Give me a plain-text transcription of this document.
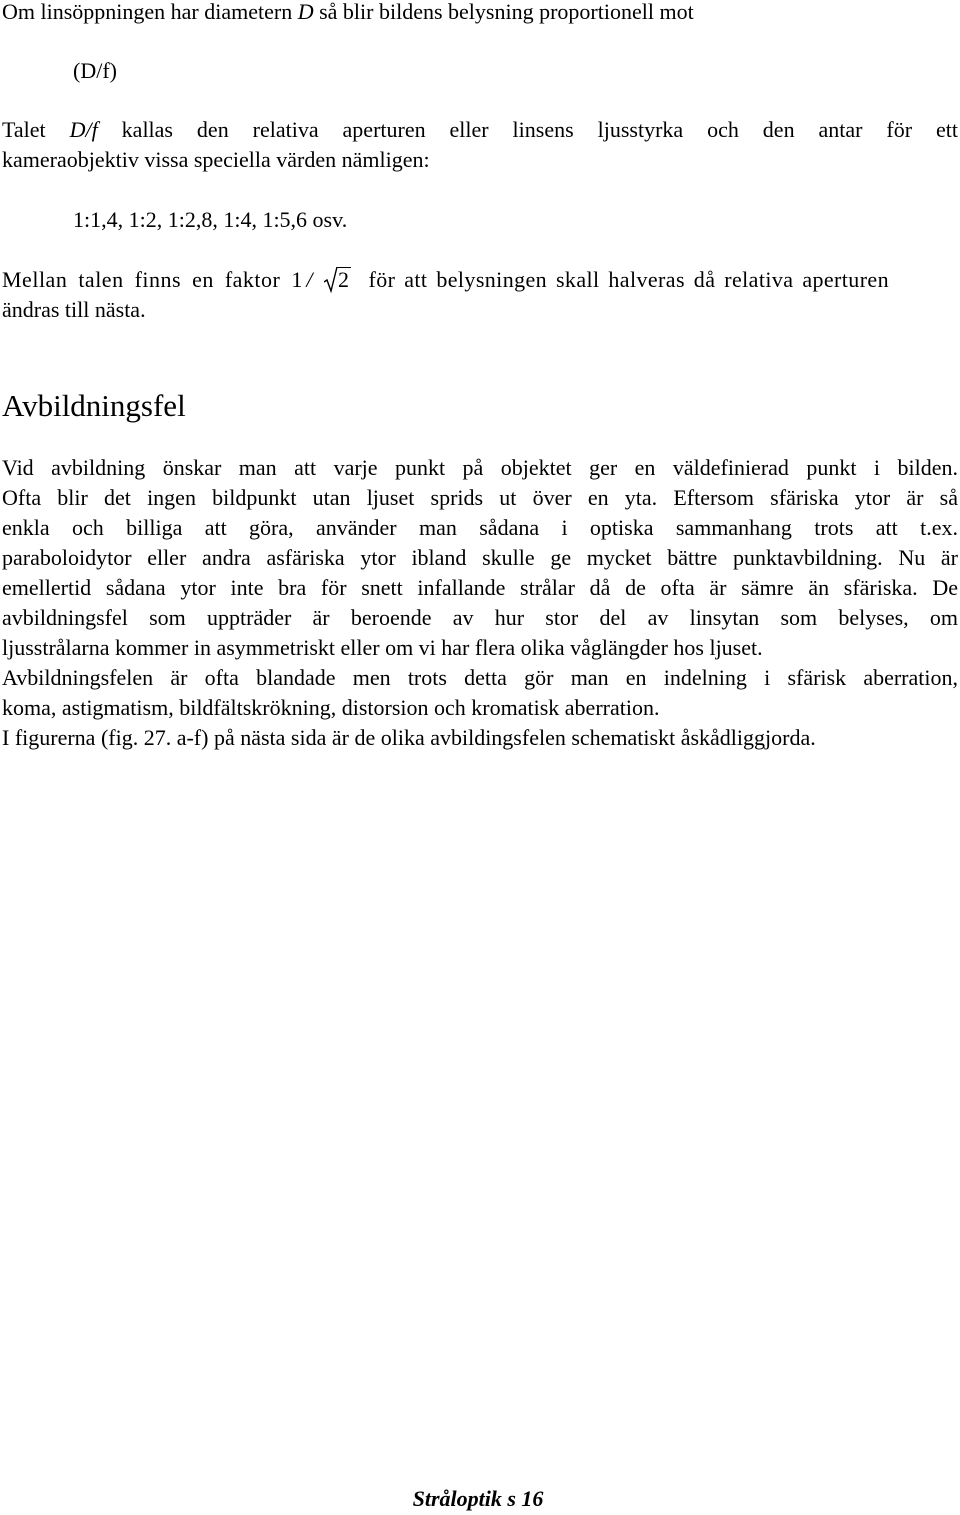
Om linsöppningen har diametern D så blir bildens belysning proportionell mot
(D/f)
Talet D/f kallas den relativa aperturen eller linsens ljusstyrka och den antar för ett
kameraobjektiv vissa speciella värden nämligen:
1:1,4, 1:2, 1:2,8, 1:4, 1:5,6 osv.
Mellan talen finns en faktor 1 / 2 för att belysningen skall halveras då relativa aperturen
ändras till nästa.
Avbildningsfel
Vid avbildning önskar man att varje punkt på objektet ger en väldefinierad punkt i bilden.
Ofta blir det ingen bildpunkt utan ljuset sprids ut över en yta. Eftersom sfäriska ytor är så
enkla och billiga att göra, använder man sådana i optiska sammanhang trots att t.ex.
paraboloidytor eller andra asfäriska ytor ibland skulle ge mycket bättre punktavbildning. Nu är
emellertid sådana ytor inte bra för snett infallande strålar då de ofta är sämre än sfäriska. De
avbildningsfel som uppträder är beroende av hur stor del av linsytan som belyses, om
ljusstrålarna kommer in asymmetriskt eller om vi har flera olika våglängder hos ljuset.
Avbildningsfelen är ofta blandade men trots detta gör man en indelning i sfärisk aberration,
koma, astigmatism, bildfältskrökning, distorsion och kromatisk aberration.
I figurerna (fig. 27. a-f) på nästa sida är de olika avbildingsfelen schematiskt åskådliggjorda.
Stråloptik s 16
